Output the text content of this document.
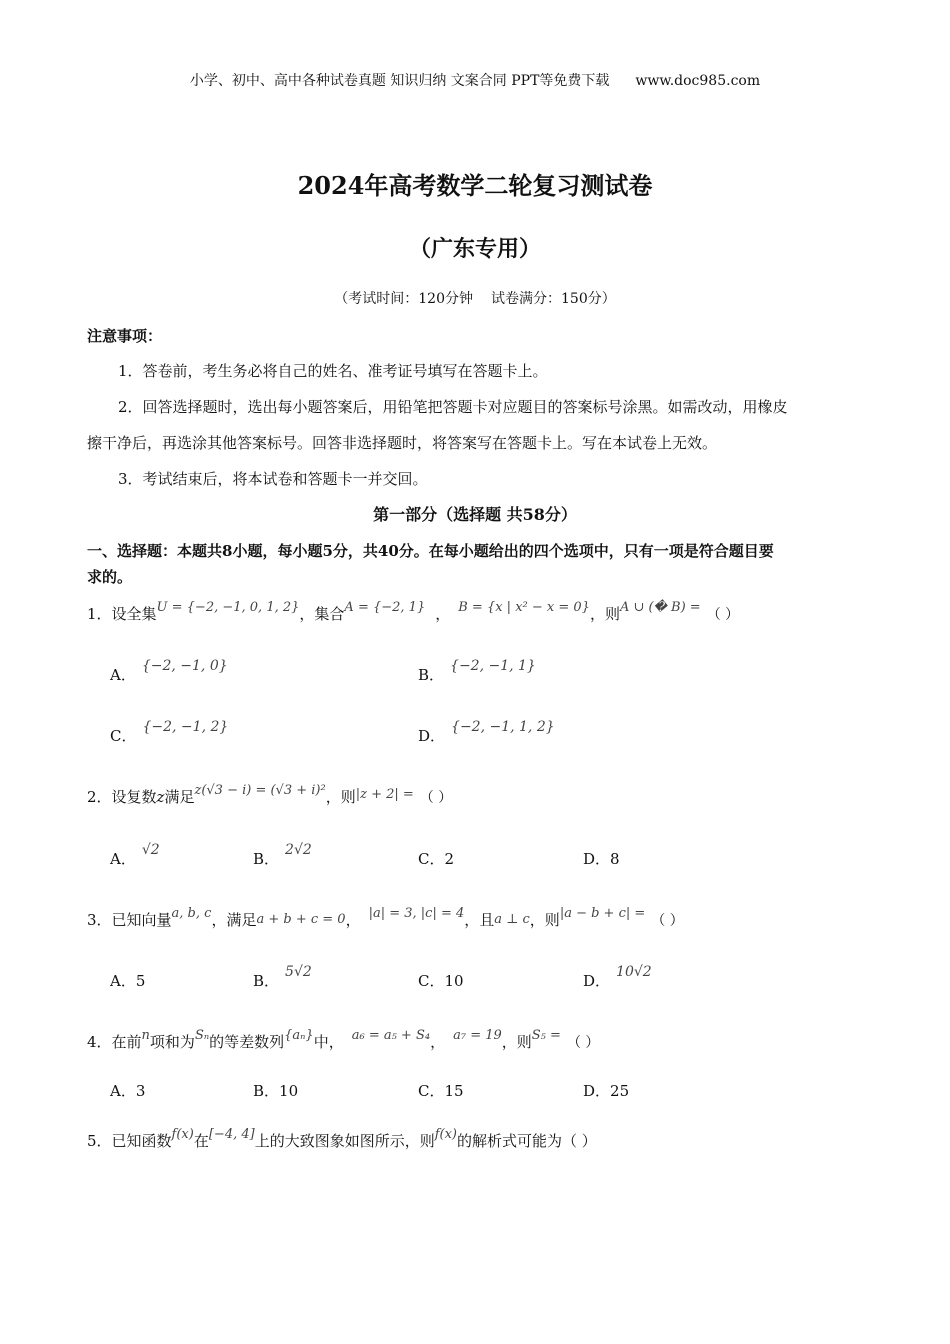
小学、初中、高中各种试卷真题 知识归纳 文案合同 PPT等免费下载 www.doc985.com
2024年高考数学二轮复习测试卷
（广东专用）
（考试时间：120分钟 试卷满分：150分）
注意事项：
1．答卷前，考生务必将自己的姓名、准考证号填写在答题卡上。
2．回答选择题时，选出每小题答案后，用铅笔把答题卡对应题目的答案标号涂黑。如需改动，用橡皮
擦干净后，再选涂其他答案标号。回答非选择题时，将答案写在答题卡上。写在本试卷上无效。
3．考试结束后，将本试卷和答题卡一并交回。
第一部分（选择题 共58分）
一、选择题：本题共8小题，每小题5分，共40分。在每小题给出的四个选项中，只有一项是符合题目要
求的。
1．设全集U = {−2, −1, 0, 1, 2}，集合A = {−2, 1} ， B = {x | x² − x = 0}，则A ∪ (� B) = （ ）
A． {−2, −1, 0}	B． {−2, −1, 1}
C． {−2, −1, 2}	D． {−2, −1, 1, 2}
2．设复数z满足z(√3 − i) = (√3 + i)²，则|z + 2| = （ ）
A． √2	B． 2√2	C．2	D．8
3．已知向量a, b, c，满足a + b + c = 0， |a| = 3, |c| = 4，且a ⊥ c，则|a − b + c| = （ ）
A．5	B． 5√2	C．10	D． 10√2
4．在前n项和为Sₙ的等差数列{aₙ}中， a₆ = a₅ + S₄， a₇ = 19，则S₅ = （ ）
A．3	B．10	C．15	D．25
5．已知函数f(x)在[−4, 4]上的大致图象如图所示，则f(x)的解析式可能为（ ）
